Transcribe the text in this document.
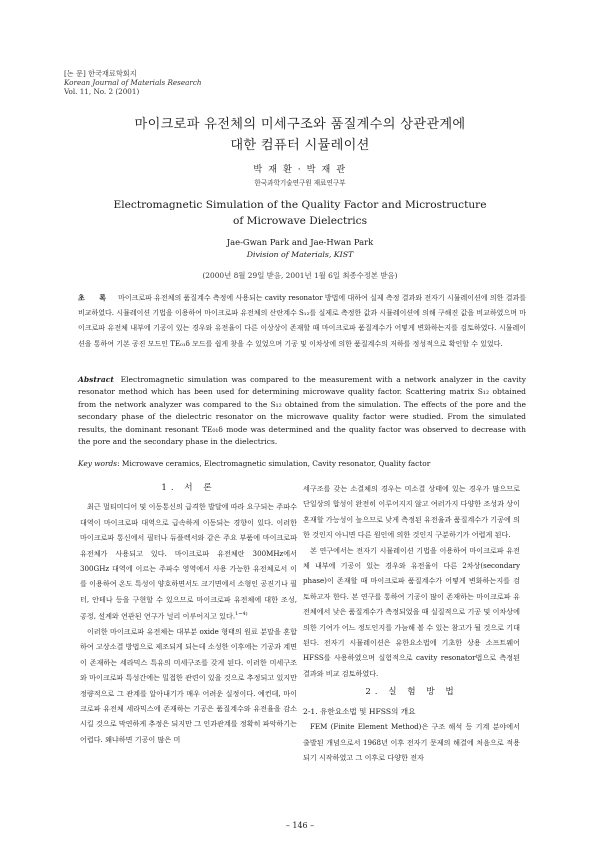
[논 문] 한국재료학회지
Korean Journal of Materials Research
Vol. 11, No. 2 (2001)
마이크로파 유전체의 미세구조와 품질계수의 상관관계에
대한 컴퓨터 시뮬레이션
박 재 환 · 박 재 관
한국과학기술연구원 재료연구부
Electromagnetic Simulation of the Quality Factor and Microstructure
of Microwave Dielectrics
Jae-Gwan Park and Jae-Hwan Park
Division of Materials, KIST
(2000년 8월 29일 받음, 2001년 1월 6일 최종수정본 받음)
초 록 마이크로파 유전체의 품질계수 측정에 사용되는 cavity resonator 방법에 대하여 실제 측정 결과와 전자기 시뮬레이션에 의한 결과를 비교하였다. 시뮬레이션 기법을 이용하여 마이크로파 유전체의 산란계수 S₁₂를 실제로 측정한 값과 시뮬레이션에 의해 구해진 값을 비교하였으며 마이크로파 유전체 내부에 기공이 있는 경우와 유전율이 다른 이상상이 존재할 때 마이크로파 품질계수가 어떻게 변화하는지를 검토하였다. 시뮬레이션을 통하여 기본 공진 모드인 TE₀₁δ 모드를 쉽게 찾을 수 있었으며 기공 및 이차상에 의한 품질계수의 저하를 정성적으로 확인할 수 있었다.
Abstract Electromagnetic simulation was compared to the measurement with a network analyzer in the cavity resonator method which has been used for determining microwave quality factor. Scattering matrix S₁₂ obtained from the network analyzer was compared to the S₁₂ obtained from the simulation. The effects of the pore and the secondary phase of the dielectric resonator on the microwave quality factor were studied. From the simulated results, the dominant resonant TE₀₁δ mode was determined and the quality factor was observed to decrease with the pore and the secondary phase in the dielectrics.
Key words: Microwave ceramics, Electromagnetic simulation, Cavity resonator, Quality factor
1. 서 론

최근 멀티미디어 및 이동통신의 급격한 발달에 따라 요구되는 주파수 대역이 마이크로파 대역으로 급속하게 이동되는 경향이 있다. 이러한 마이크로파 통신에서 필터나 듀플렉서와 같은 주요 부품에 마이크로파 유전체가 사용되고 있다. 마이크로파 유전체란 300MHz에서 300GHz 대역에 이르는 주파수 영역에서 사용 가능한 유전체로서 이를 이용하여 온도 특성이 양호하면서도 크기면에서 소형인 공진기나 필터, 안테나 등을 구현할 수 있으므로 마이크로파 유전체에 대한 조성, 공정, 설계와 연관된 연구가 널리 이루어지고 있다.$^{1\sim 4)}$

이러한 마이크로파 유전체는 대부분 oxide 형태의 원료 분말을 혼합하여 고상소결 방법으로 제조되게 되는데 소성한 이후에는 기공과 계면이 존재하는 세라믹스 특유의 미세구조를 갖게 된다. 이러한 미세구조와 마이크로파 특성간에는 밀접한 관련이 있을 것으로 추정되고 있지만 정량적으로 그 관계를 알아내기가 매우 어려운 실정이다. 예컨데, 마이크로파 유전체 세라믹스에 존재하는 기공은 품질계수와 유전율을 감소시킬 것으로 막연하게 추정은 되지만 그 인과관계를 정확히 파악하기는 어렵다. 왜냐하면 기공이 많은 미

세구조를 갖는 소결체의 경우는 미소결 상태에 있는 경우가 많으므로 단일상의 합성이 완전히 이루어지지 않고 여러가지 다양한 조성과 상이 혼재할 가능성이 높으므로 낮게 측정된 유전율과 품질계수가 기공에 의한 것인지 아니면 다른 원인에 의한 것인지 구분하기가 어렵게 된다.

본 연구에서는 전자기 시뮬레이션 기법을 이용하여 마이크로파 유전체 내부에 기공이 있는 경우와 유전율이 다른 2차상(secondary phase)이 존재할 때 마이크로파 품질계수가 어떻게 변화하는지를 검토하고자 한다. 본 연구를 통하여 기공이 많이 존재하는 마이크로파 유전체에서 낮은 품질계수가 측정되었을 때 실질적으로 기공 및 이차상에 의한 기여가 어느 정도인지를 가늠해 볼 수 있는 참고가 될 것으로 기대된다. 전자기 시뮬레이션은 유한요소법에 기초한 상용 소프트웨어 HFSS를 사용하였으며 실험적으로 cavity resonator법으로 측정된 결과와 비교 검토하였다.

2. 실 험 방 법
2-1. 유한요소법 및 HFSS의 개요

FEM (Finite Element Method)은 구조 해석 등 기계 분야에서 출발된 개념으로서 1968년 이후 전자기 문제의 해결에 처음으로 적용되기 시작하였고 그 이후로 다양한 전자

– 146 –
